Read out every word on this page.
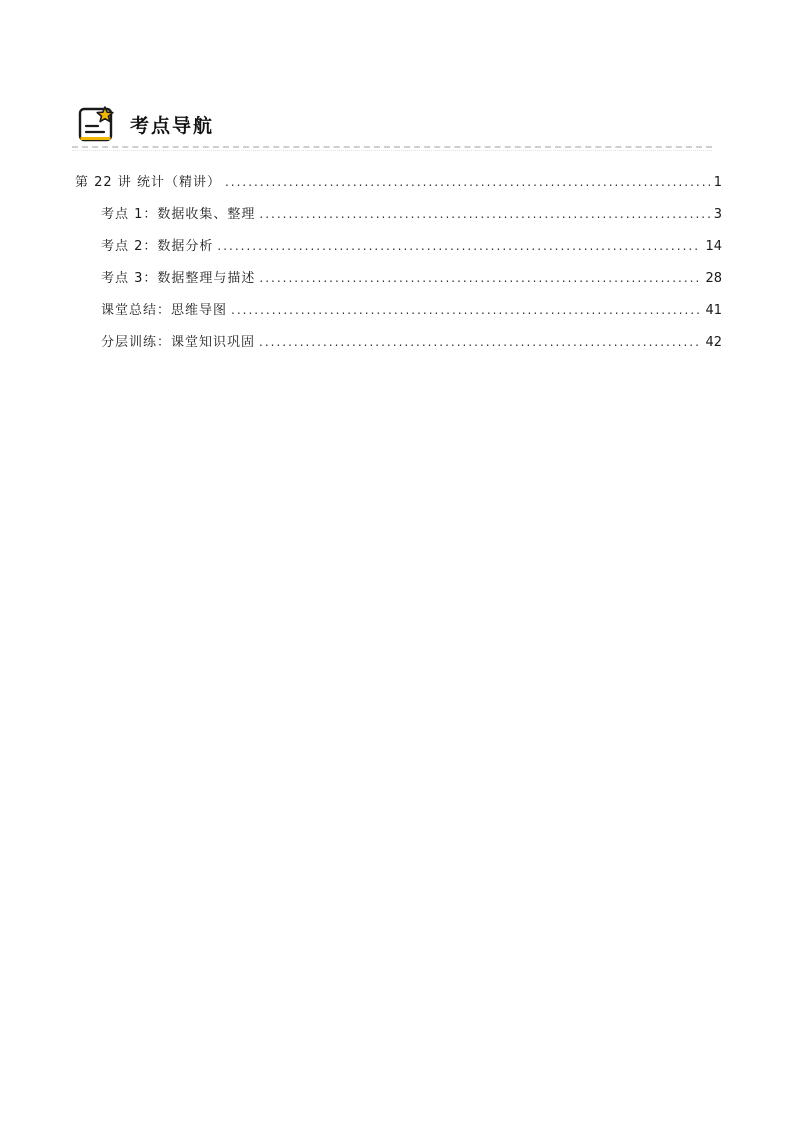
考点导航
第 22 讲 统计（精讲） .....	1
考点 1：数据收集、整理 .....	3
考点 2：数据分析 .....	14
考点 3：数据整理与描述 .....	28
课堂总结：思维导图 .....	41
分层训练：课堂知识巩固 .....	42
